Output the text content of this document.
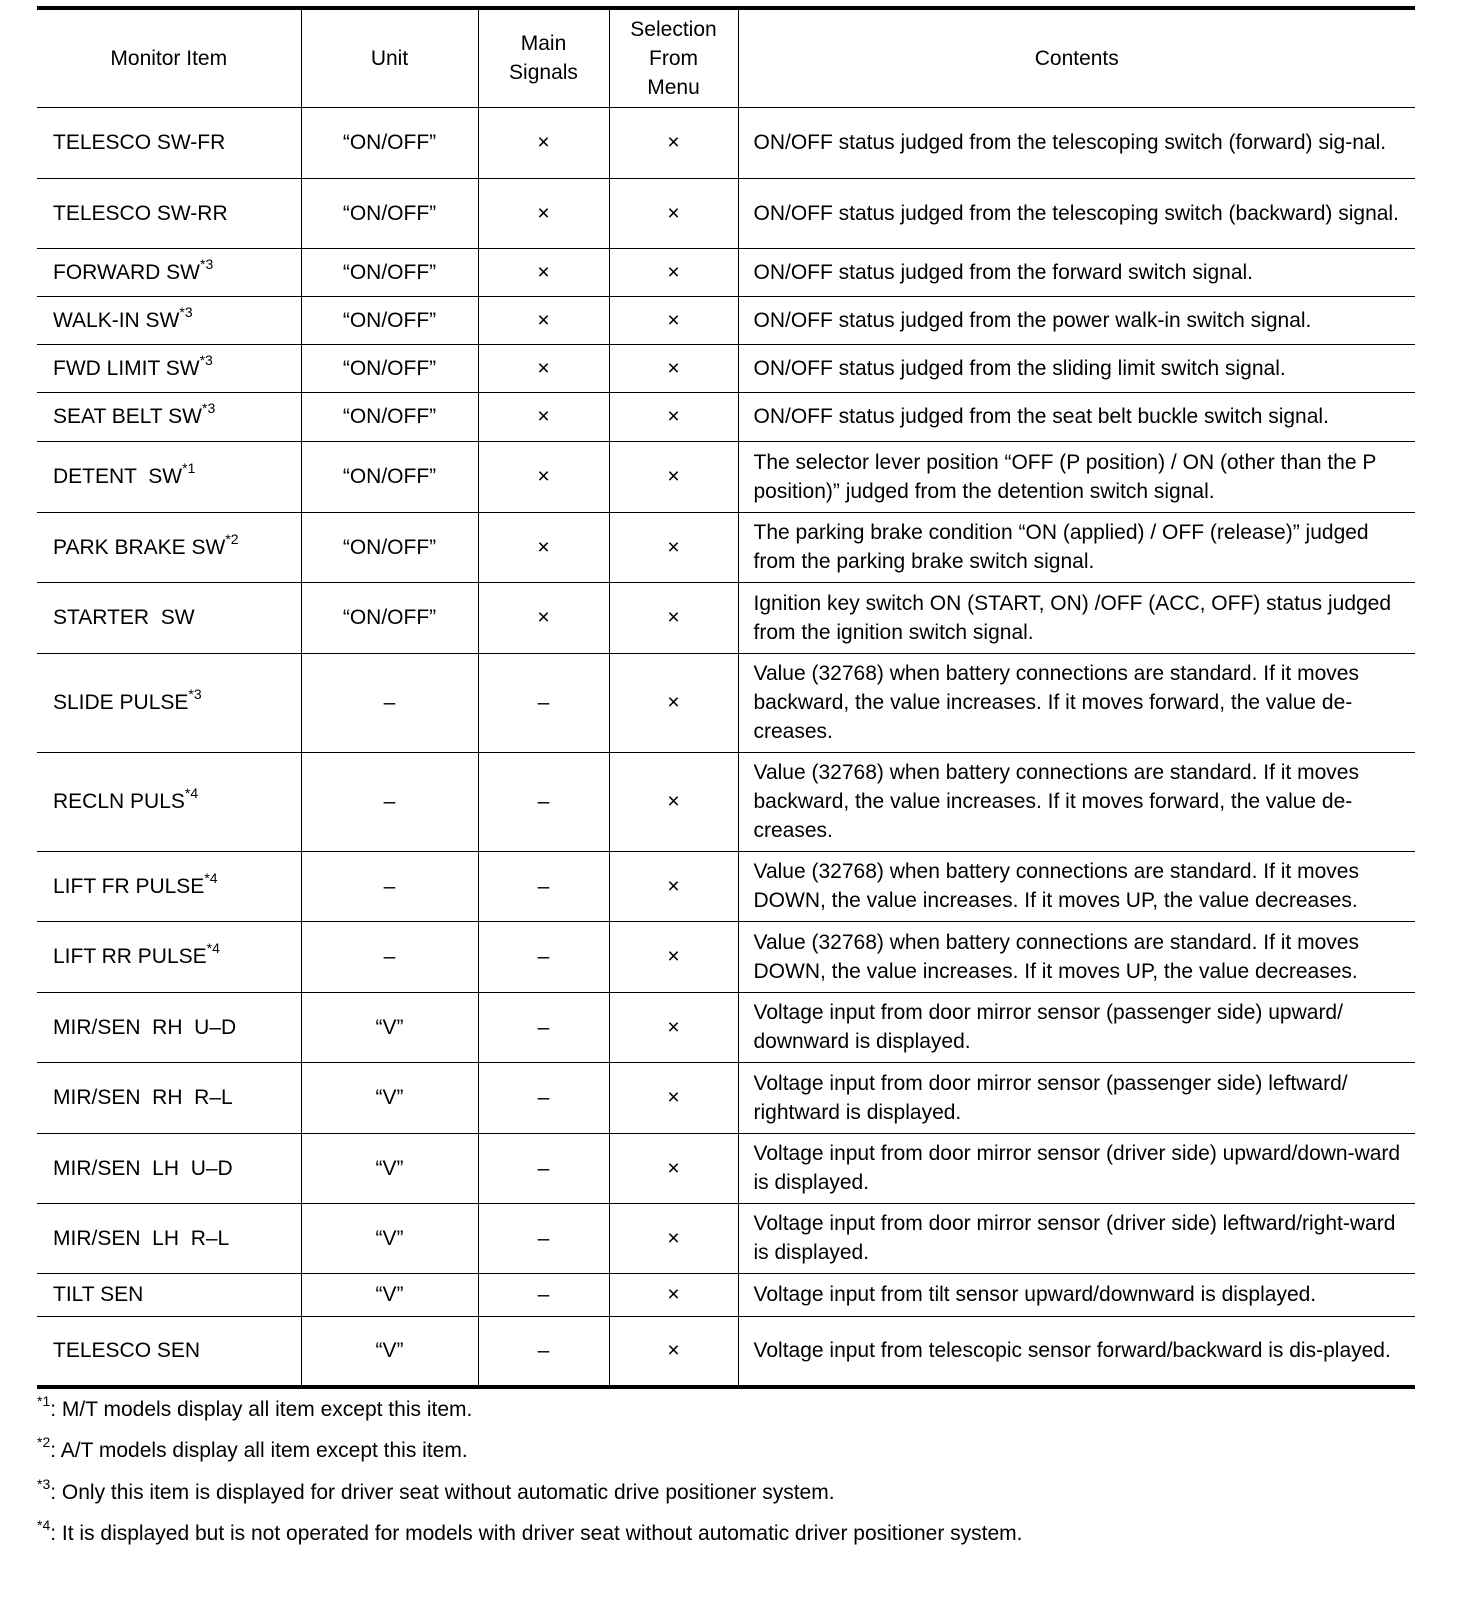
Monitor Item	Unit	Main Signals	Selection From Menu	Contents
TELESCO SW-FR	“ON/OFF”	×	×	ON/OFF status judged from the telescoping switch (forward) sig-nal.
TELESCO SW-RR	“ON/OFF”	×	×	ON/OFF status judged from the telescoping switch (backward) signal.
FORWARD SW$^{*3}$	“ON/OFF”	×	×	ON/OFF status judged from the forward switch signal.
WALK-IN SW$^{*3}$	“ON/OFF”	×	×	ON/OFF status judged from the power walk-in switch signal.
FWD LIMIT SW$^{*3}$	“ON/OFF”	×	×	ON/OFF status judged from the sliding limit switch signal.
SEAT BELT SW$^{*3}$	“ON/OFF”	×	×	ON/OFF status judged from the seat belt buckle switch signal.
DETENT  SW$^{*1}$	“ON/OFF”	×	×	The selector lever position “OFF (P position) / ON (other than the P position)” judged from the detention switch signal.
PARK BRAKE SW$^{*2}$	“ON/OFF”	×	×	The parking brake condition “ON (applied) / OFF (release)” judged from the parking brake switch signal.
STARTER  SW	“ON/OFF”	×	×	Ignition key switch ON (START, ON) /OFF (ACC, OFF) status judged from the ignition switch signal.
SLIDE PULSE$^{*3}$	–	–	×	Value (32768) when battery connections are standard. If it moves backward, the value increases. If it moves forward, the value de-creases.
RECLN PULS$^{*4}$	–	–	×	Value (32768) when battery connections are standard. If it moves backward, the value increases. If it moves forward, the value de-creases.
LIFT FR PULSE$^{*4}$	–	–	×	Value (32768) when battery connections are standard. If it moves DOWN, the value increases. If it moves UP, the value decreases.
LIFT RR PULSE$^{*4}$	–	–	×	Value (32768) when battery connections are standard. If it moves DOWN, the value increases. If it moves UP, the value decreases.
MIR/SEN  RH  U–D	“V”	–	×	Voltage input from door mirror sensor (passenger side) upward/ downward is displayed.
MIR/SEN  RH  R–L	“V”	–	×	Voltage input from door mirror sensor (passenger side) leftward/ rightward is displayed.
MIR/SEN  LH  U–D	“V”	–	×	Voltage input from door mirror sensor (driver side) upward/down-ward is displayed.
MIR/SEN  LH  R–L	“V”	–	×	Voltage input from door mirror sensor (driver side) leftward/right-ward is displayed.
TILT SEN	“V”	–	×	Voltage input from tilt sensor upward/downward is displayed.
TELESCO SEN	“V”	–	×	Voltage input from telescopic sensor forward/backward is dis-played.
$^{*1}$: M/T models display all item except this item.
$^{*2}$: A/T models display all item except this item.
$^{*3}$: Only this item is displayed for driver seat without automatic drive positioner system.
$^{*4}$: It is displayed but is not operated for models with driver seat without automatic driver positioner system.
